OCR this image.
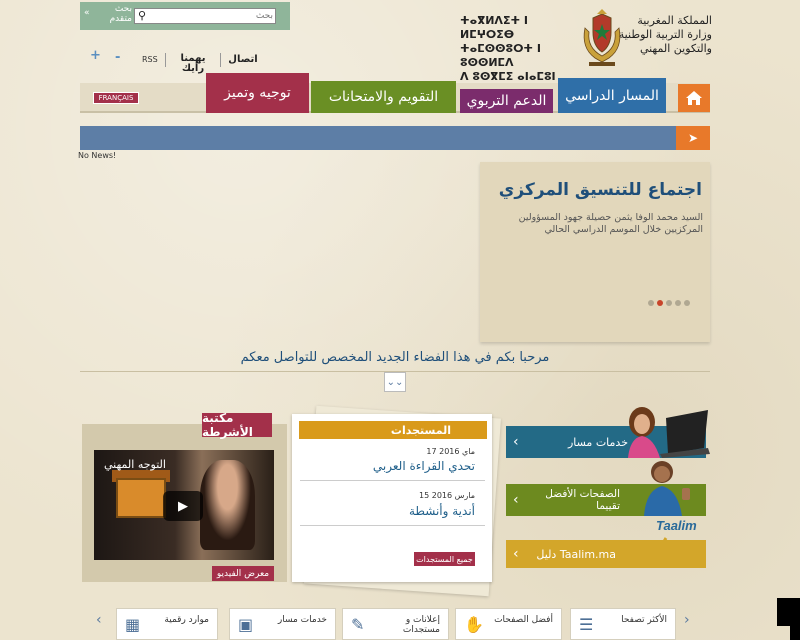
«	بحث
متقدم ⚲
بحث
+ -	RSS يهمنا
رأيك
اتصال
ⵜⴰⴳⵍⴷⵉⵜ ⵏ ⵍⵎⵖⵔⵉⴱ
ⵜⴰⵎⵙⵙⵓⵔⵜ ⵏ ⵓⵙⵙⵍⵎⴷ
ⴷ ⵓⵙⴳⵎⵉ ⴰⵏⴰⵎⵓⵏ
المملكة المغربية
وزارة التربية الوطنية
والتكوين المهني
FRANÇAIS	توجيه وتميز	التقويم والامتحانات	الدعم التربوي	المسار الدراسي
➤
No News!
اجتماع للتنسيق المركزي
السيد محمد الوفا يثمن حصيلة جهود المسؤولين المركزيين خلال الموسم الدراسي الحالي
مرحبا بكم في هذا الفضاء الجديد المخصص للتواصل معكم
⌄⌄
مكتبة الأشرطة
التوجه المهني
▶
معرض الفيديو
المستجدات
17 ماي 2016
تحدي القراءة العربي
15 مارس 2016
أندية وأنشطة
جميع المستجدات
‹	خدمات مسار
‹	الصفحات الأفضل تقييما
‹ دليل Taalim.ma
Taalim
‹ ▦	موارد رقمية ▣	خدمات مسار ✎	إعلانات و مستجدات ✋ أفضل الصفحات ☰	الأكثر تصفحا ›
